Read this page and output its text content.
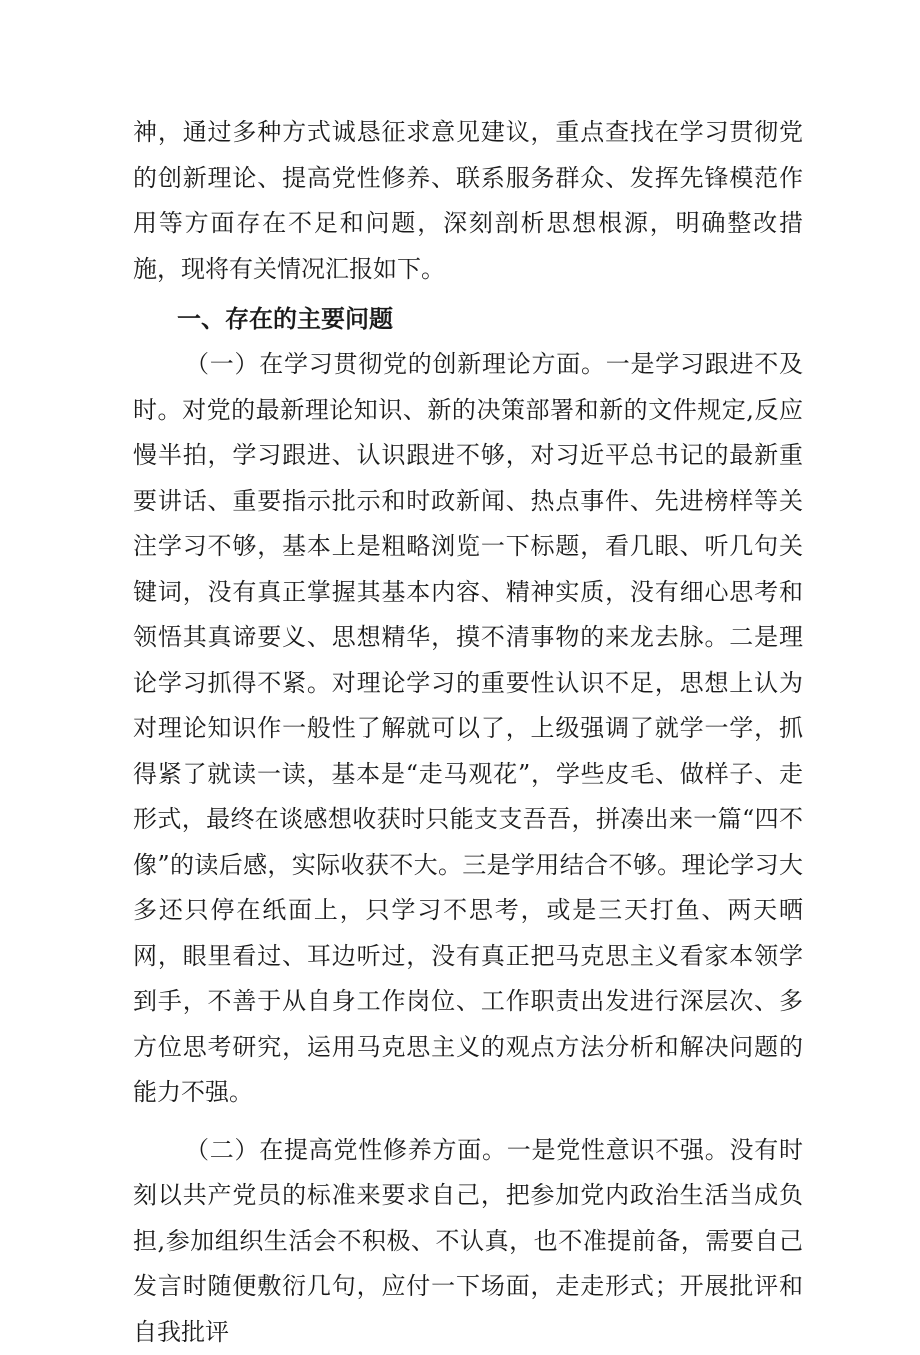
神，通过多种方式诚恳征求意见建议，重点查找在学习贯彻党的创新理论、提高党性修养、联系服务群众、发挥先锋模范作用等方面存在不足和问题，深刻剖析思想根源，明确整改措施，现将有关情况汇报如下。

一、存在的主要问题

（一）在学习贯彻党的创新理论方面。一是学习跟进不及时。对党的最新理论知识、新的决策部署和新的文件规定,反应慢半拍，学习跟进、认识跟进不够，对习近平总书记的最新重要讲话、重要指示批示和时政新闻、热点事件、先进榜样等关注学习不够，基本上是粗略浏览一下标题，看几眼、听几句关键词，没有真正掌握其基本内容、精神实质，没有细心思考和领悟其真谛要义、思想精华，摸不清事物的来龙去脉。二是理论学习抓得不紧。对理论学习的重要性认识不足，思想上认为对理论知识作一般性了解就可以了，上级强调了就学一学，抓得紧了就读一读，基本是“走马观花”，学些皮毛、做样子、走形式，最终在谈感想收获时只能支支吾吾，拼凑出来一篇“四不像”的读后感，实际收获不大。三是学用结合不够。理论学习大多还只停在纸面上，只学习不思考，或是三天打鱼、两天晒网，眼里看过、耳边听过，没有真正把马克思主义看家本领学到手，不善于从自身工作岗位、工作职责出发进行深层次、多方位思考研究，运用马克思主义的观点方法分析和解决问题的能力不强。

（二）在提高党性修养方面。一是党性意识不强。没有时刻以共产党员的标准来要求自己，把参加党内政治生活当成负担,参加组织生活会不积极、不认真，也不准提前备，需要自己发言时随便敷衍几句，应付一下场面，走走形式；开展批评和自我批评
